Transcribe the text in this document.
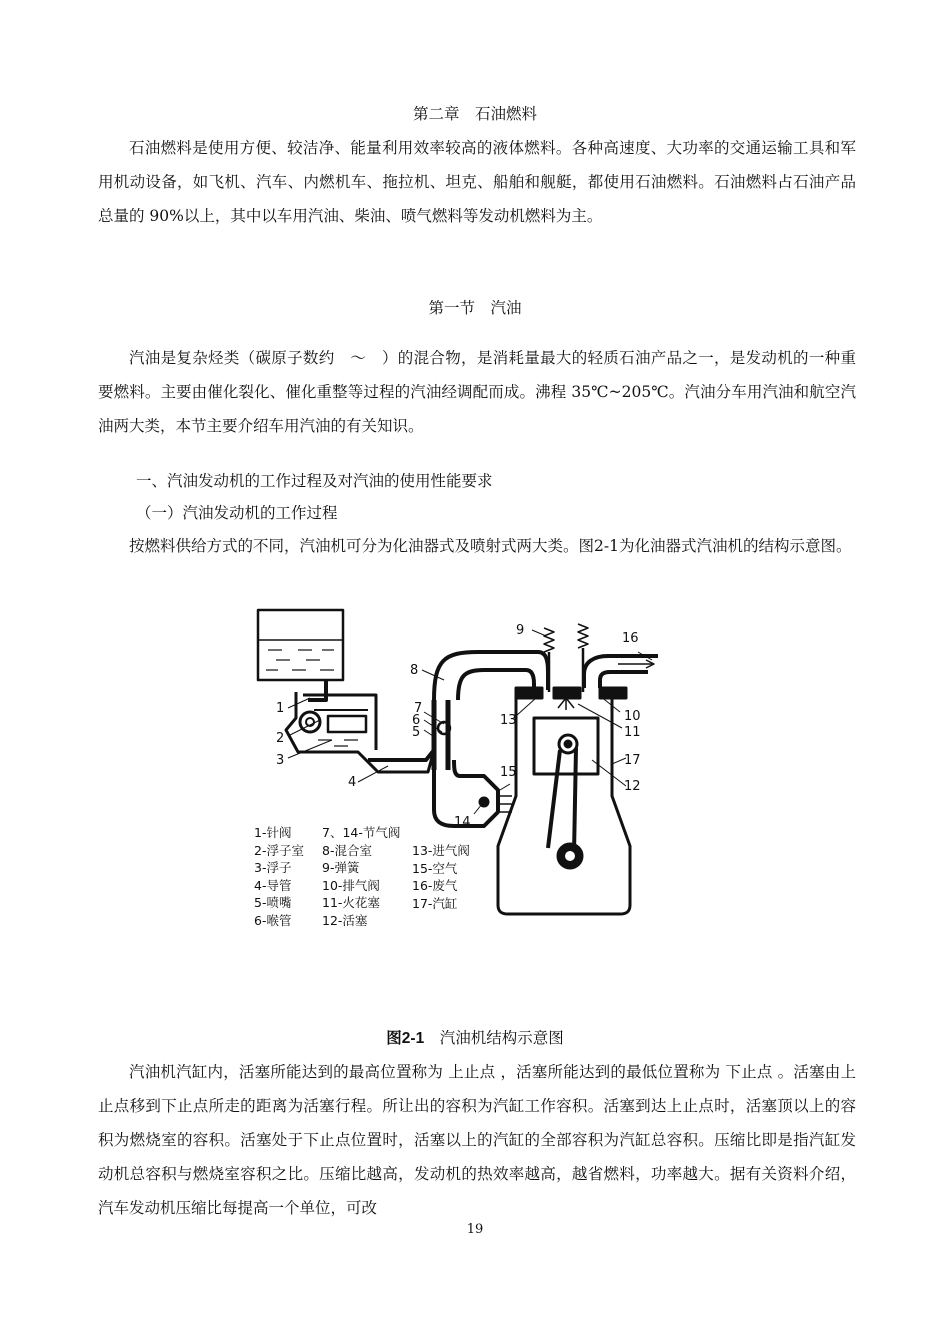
第二章　石油燃料
石油燃料是使用方便、较洁净、能量利用效率较高的液体燃料。各种高速度、大功率的交通运输工具和军用机动设备，如飞机、汽车、内燃机车、拖拉机、坦克、船舶和舰艇，都使用石油燃料。石油燃料占石油产品总量的 90%以上，其中以车用汽油、柴油、喷气燃料等发动机燃料为主。
第一节　汽油
汽油是复杂烃类（碳原子数约　～　）的混合物，是消耗量最大的轻质石油产品之一，是发动机的一种重要燃料。主要由催化裂化、催化重整等过程的汽油经调配而成。沸程 35℃~205℃。汽油分车用汽油和航空汽油两大类，本节主要介绍车用汽油的有关知识。
一、汽油发动机的工作过程及对汽油的使用性能要求
（一）汽油发动机的工作过程
按燃料供给方式的不同，汽油机可分为化油器式及喷射式两大类。图2-1为化油器式汽油机的结构示意图。
1
2
3
4
5
6
7
8
9
10
11
12
13
14
15
16
17
1-针阀
2-浮子室
3-浮子
4-导管
5-喷嘴
6-喉管
7、14-节气阀
8-混合室
9-弹簧
10-排气阀
11-火花塞
12-活塞
13-进气阀
15-空气
16-废气
17-汽缸
图2-1　 汽油机结构示意图
汽油机汽缸内，活塞所能达到的最高位置称为 上止点 ，活塞所能达到的最低位置称为 下止点 。活塞由上止点移到下止点所走的距离为活塞行程。所让出的容积为汽缸工作容积。活塞到达上止点时，活塞顶以上的容积为燃烧室的容积。活塞处于下止点位置时，活塞以上的汽缸的全部容积为汽缸总容积。压缩比即是指汽缸发动机总容积与燃烧室容积之比。压缩比越高，发动机的热效率越高，越省燃料，功率越大。据有关资料介绍，汽车发动机压缩比每提高一个单位，可改
19
